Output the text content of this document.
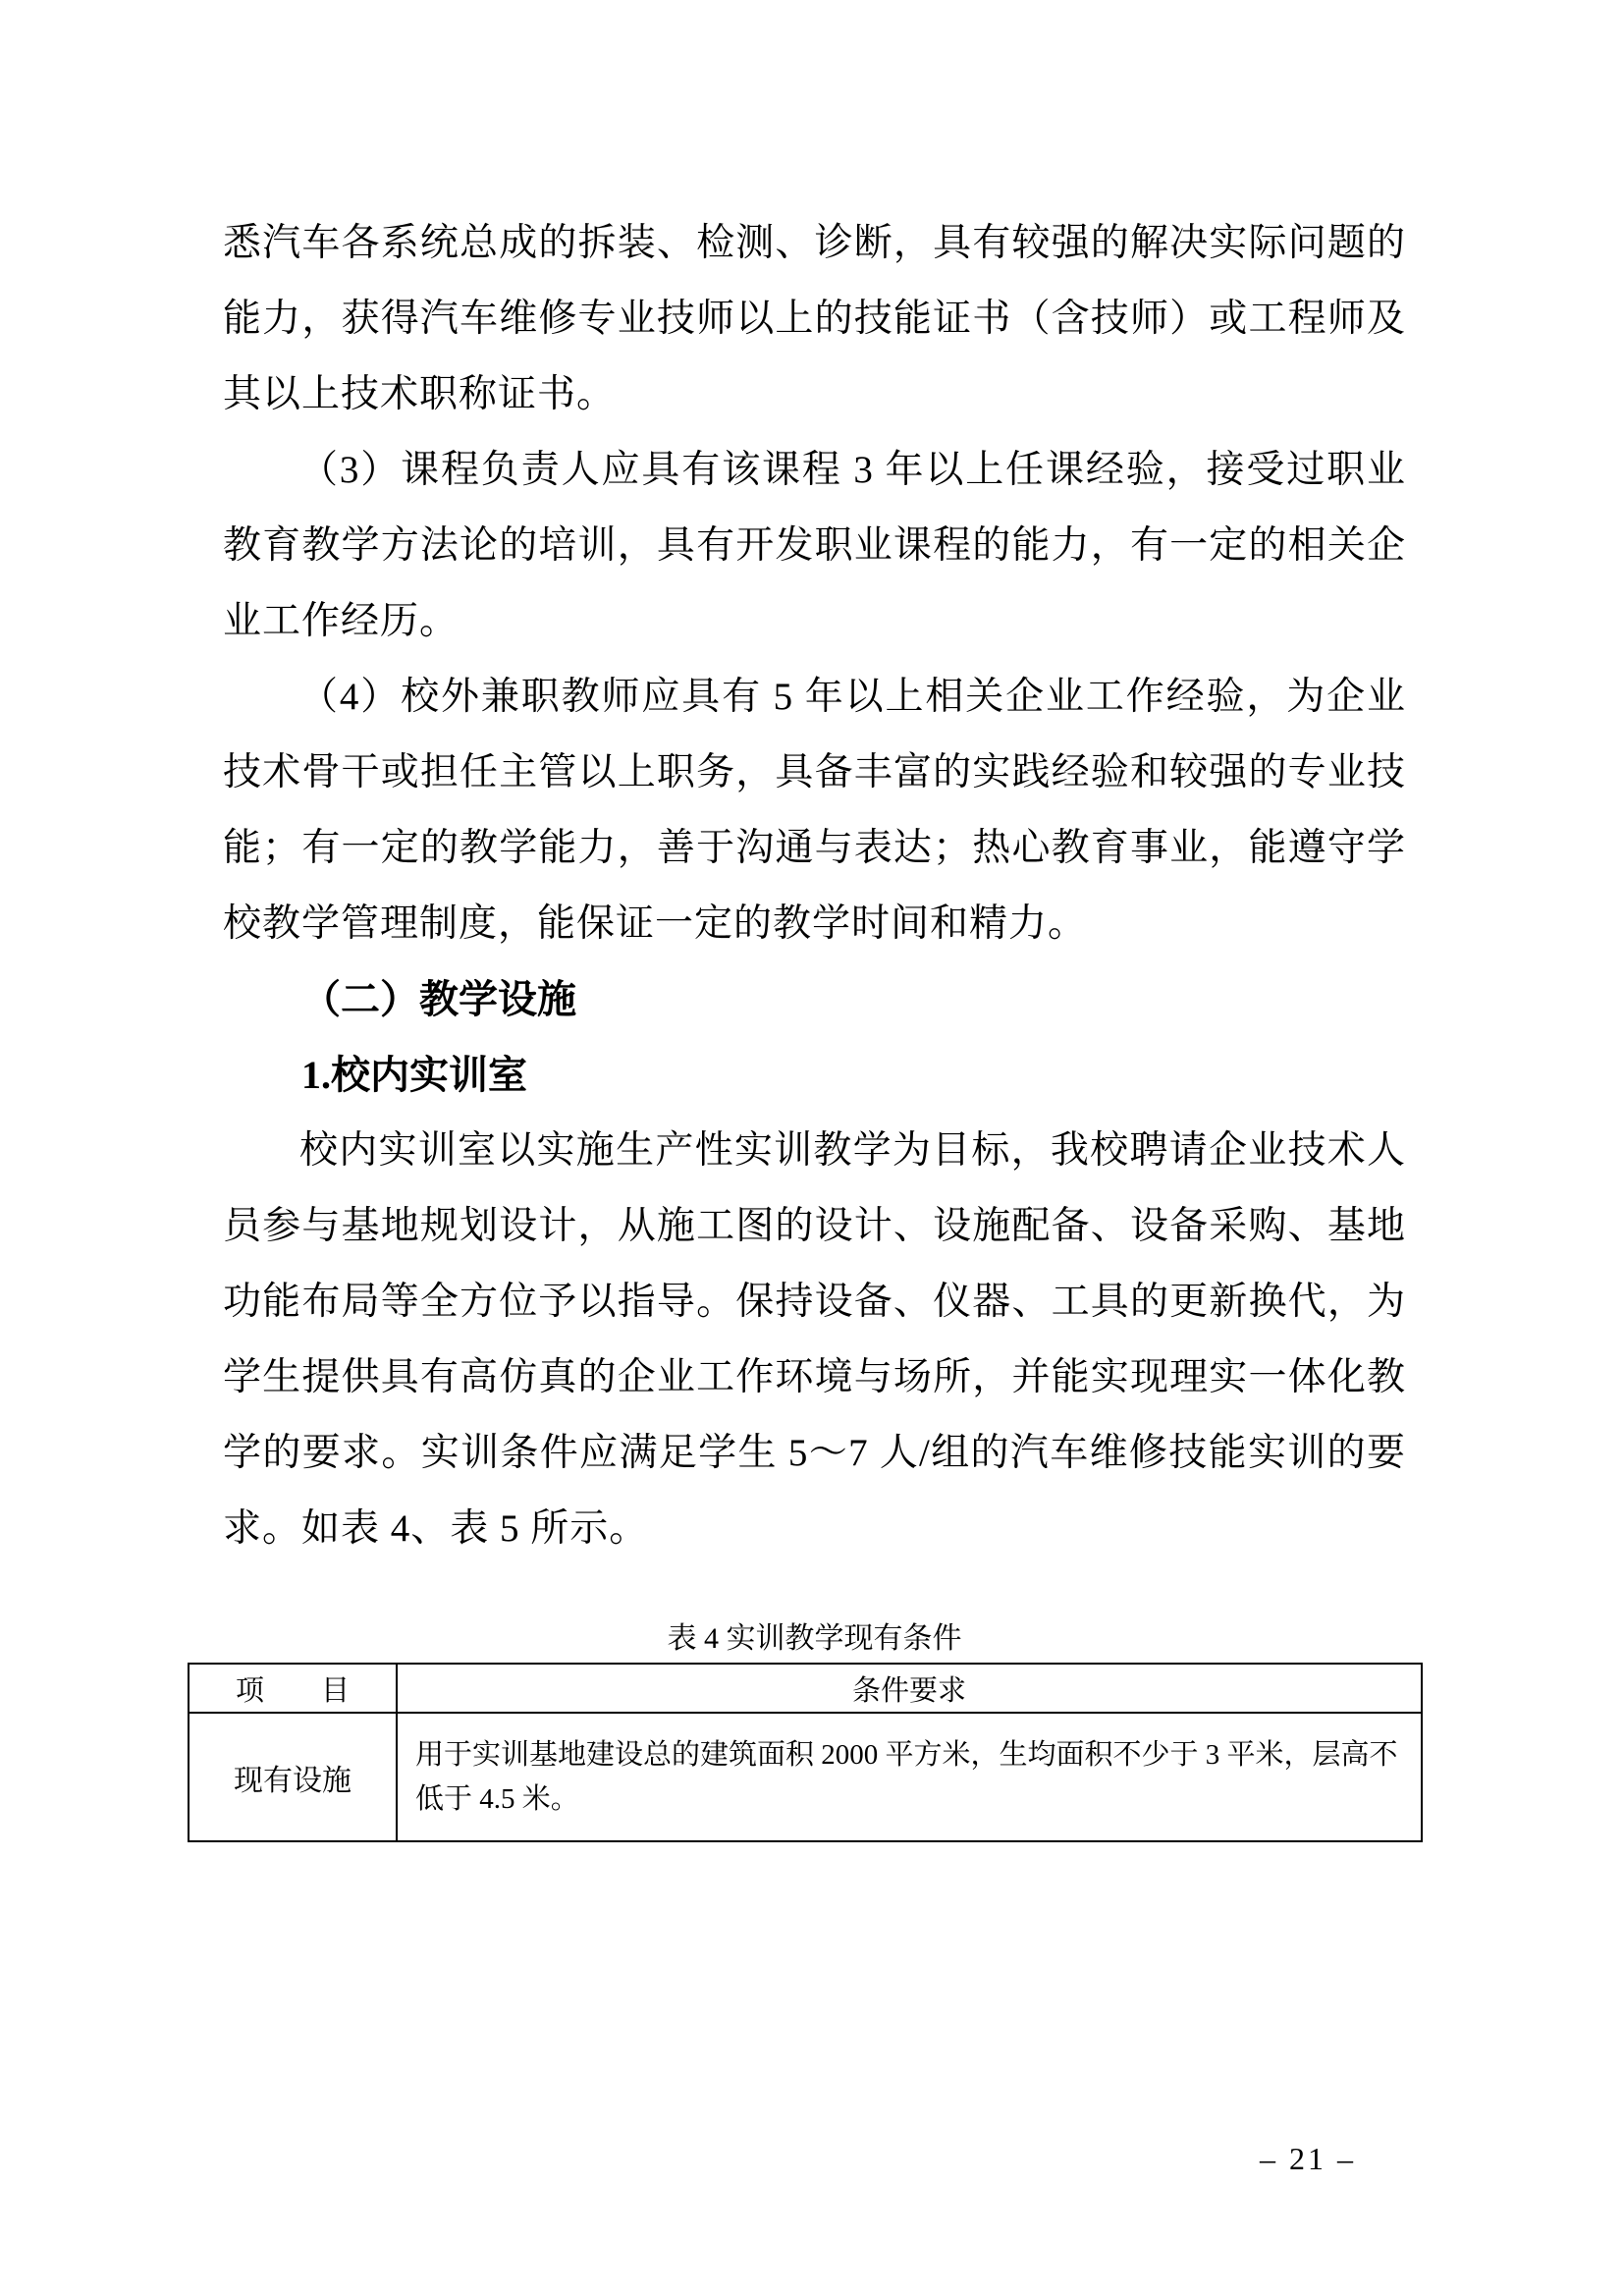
悉汽车各系统总成的拆装、检测、诊断，具有较强的解决实际问题的能力，获得汽车维修专业技师以上的技能证书（含技师）或工程师及其以上技术职称证书。

（3）课程负责人应具有该课程 3 年以上任课经验，接受过职业教育教学方法论的培训，具有开发职业课程的能力，有一定的相关企业工作经历。

（4）校外兼职教师应具有 5 年以上相关企业工作经验，为企业技术骨干或担任主管以上职务，具备丰富的实践经验和较强的专业技能；有一定的教学能力，善于沟通与表达；热心教育事业，能遵守学校教学管理制度，能保证一定的教学时间和精力。

（二）教学设施
1.校内实训室

校内实训室以实施生产性实训教学为目标，我校聘请企业技术人员参与基地规划设计，从施工图的设计、设施配备、设备采购、基地功能布局等全方位予以指导。保持设备、仪器、工具的更新换代，为学生提供具有高仿真的企业工作环境与场所，并能实现理实一体化教学的要求。实训条件应满足学生 5～7 人/组的汽车维修技能实训的要求。如表 4、表 5 所示。

表 4 实训教学现有条件
项　　目	条件要求
现有设施	用于实训基地建设总的建筑面积 2000 平方米，生均面积不少于 3 平米，层高不低于 4.5 米。
– 21 –
